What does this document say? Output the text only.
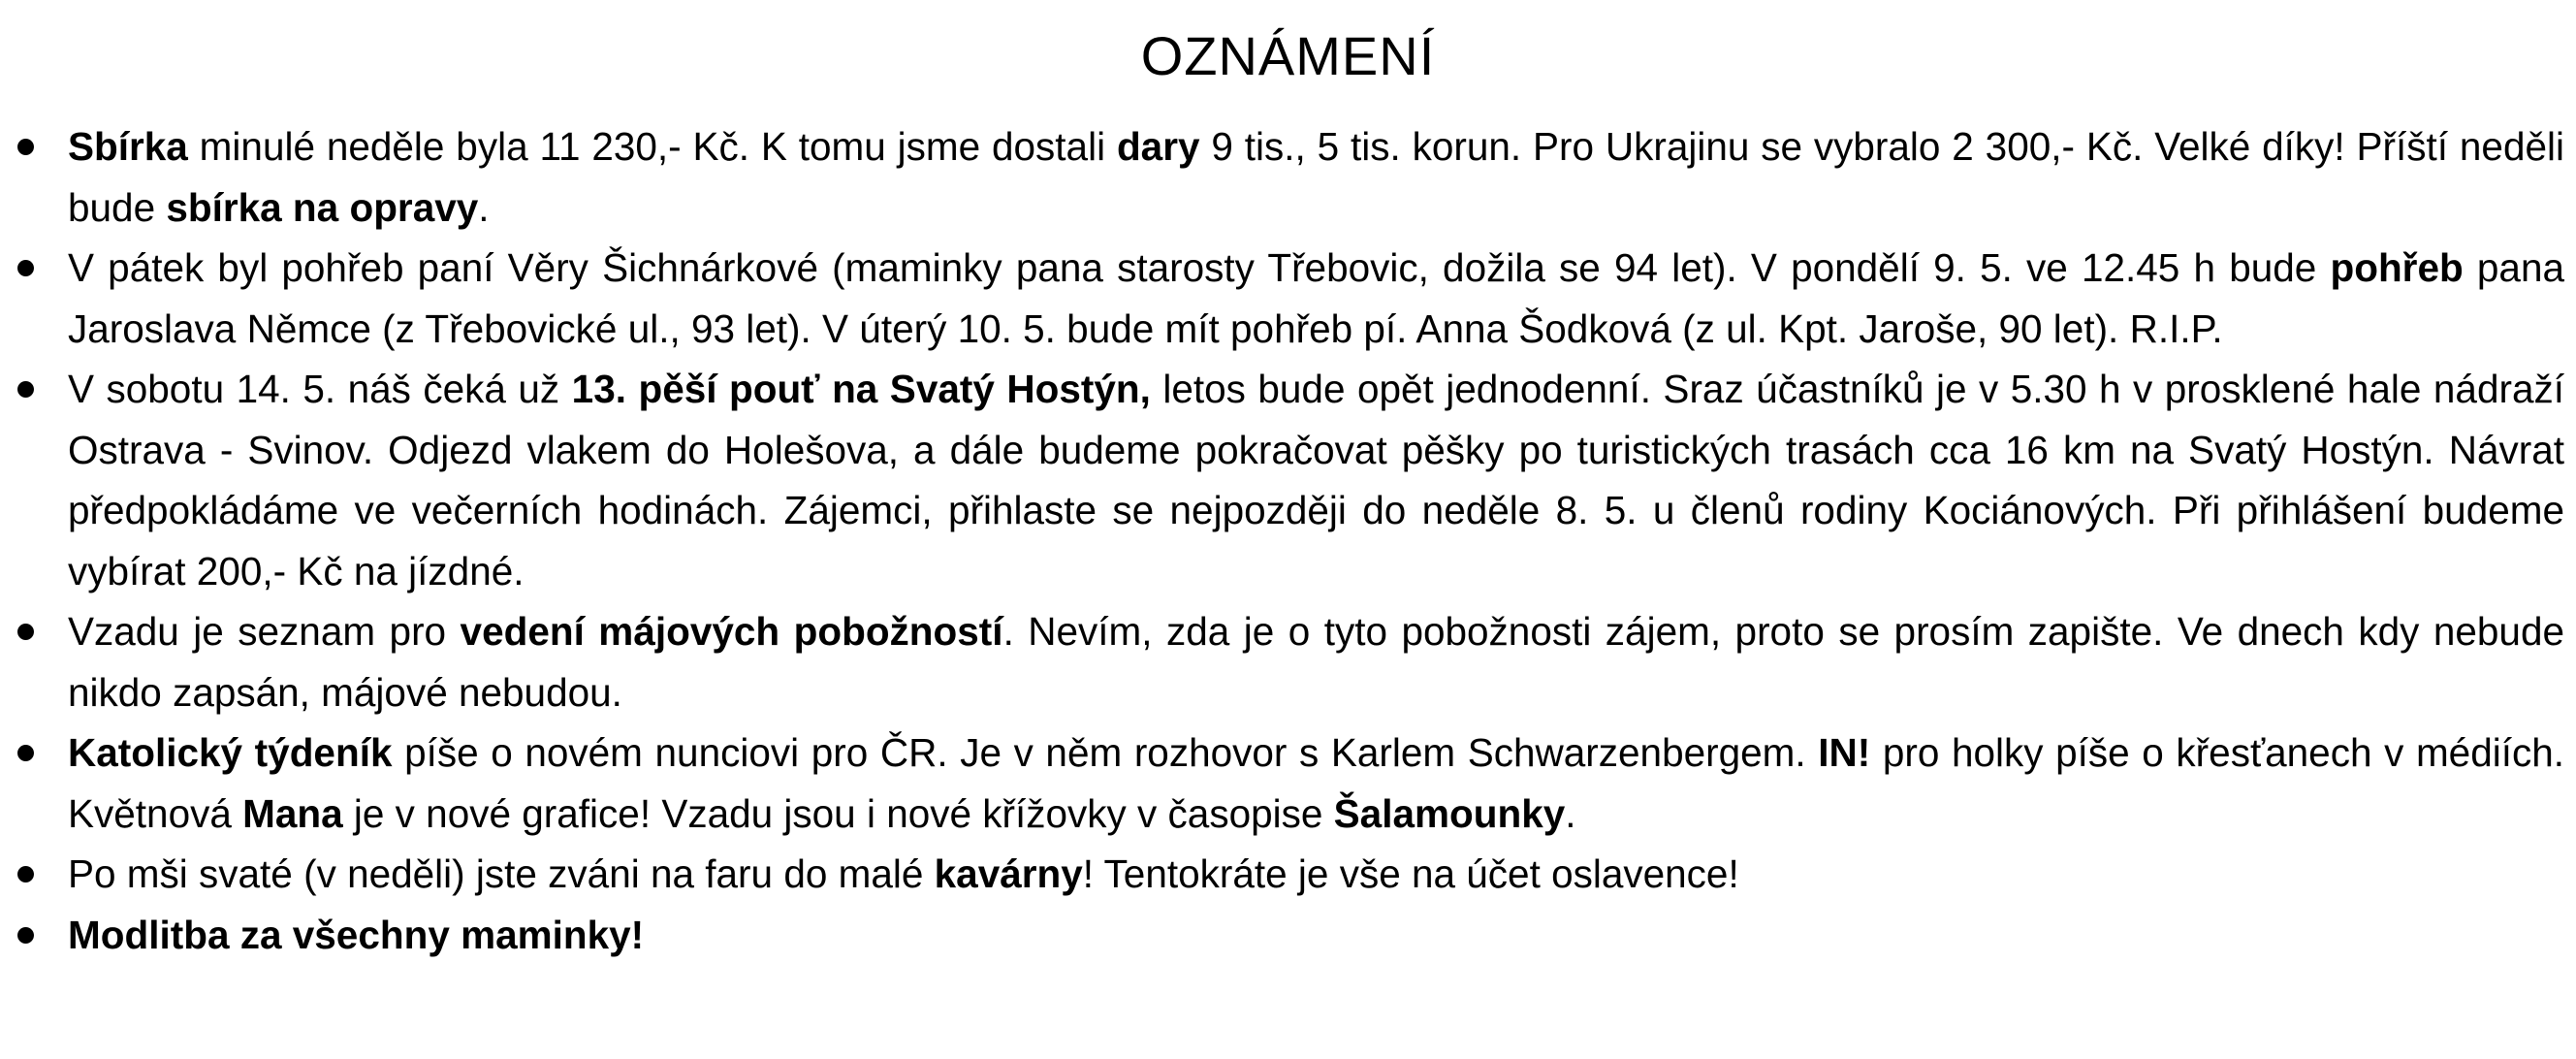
OZNÁMENÍ
Sbírka minulé neděle byla 11 230,- Kč. K tomu jsme dostali dary 9 tis., 5 tis. korun. Pro Ukrajinu se vybralo 2 300,- Kč. Velké díky! Příští neděli bude sbírka na opravy.
V pátek byl pohřeb paní Věry Šichnárkové (maminky pana starosty Třebovic, dožila se 94 let). V pondělí 9. 5. ve 12.45 h bude pohřeb pana Jaroslava Němce (z Třebovické ul., 93 let). V úterý 10. 5. bude mít pohřeb pí. Anna Šodková (z ul. Kpt. Jaroše, 90 let). R.I.P.
V sobotu 14. 5. náš čeká už 13. pěší pouť na Svatý Hostýn, letos bude opět jednodenní. Sraz účastníků je v 5.30 h v prosklené hale nádraží Ostrava - Svinov. Odjezd vlakem do Holešova, a dále budeme pokračovat pěšky po turistických trasách cca 16 km na Svatý Hostýn. Návrat předpokládáme ve večerních hodinách. Zájemci, přihlaste se nejpozději do neděle 8. 5. u členů rodiny Kociánových. Při přihlášení budeme vybírat 200,- Kč na jízdné.
Vzadu je seznam pro vedení májových pobožností. Nevím, zda je o tyto pobožnosti zájem, proto se prosím zapište. Ve dnech kdy nebude nikdo zapsán, májové nebudou.
Katolický týdeník píše o novém nunciovi pro ČR. Je v něm rozhovor s Karlem Schwarzenbergem. IN! pro holky píše o křesťanech v médiích. Květnová Mana je v nové grafice! Vzadu jsou i nové křížovky v časopise Šalamounky.
Po mši svaté (v neděli) jste zváni na faru do malé kavárny! Tentokráte je vše na účet oslavence!
Modlitba za všechny maminky!
